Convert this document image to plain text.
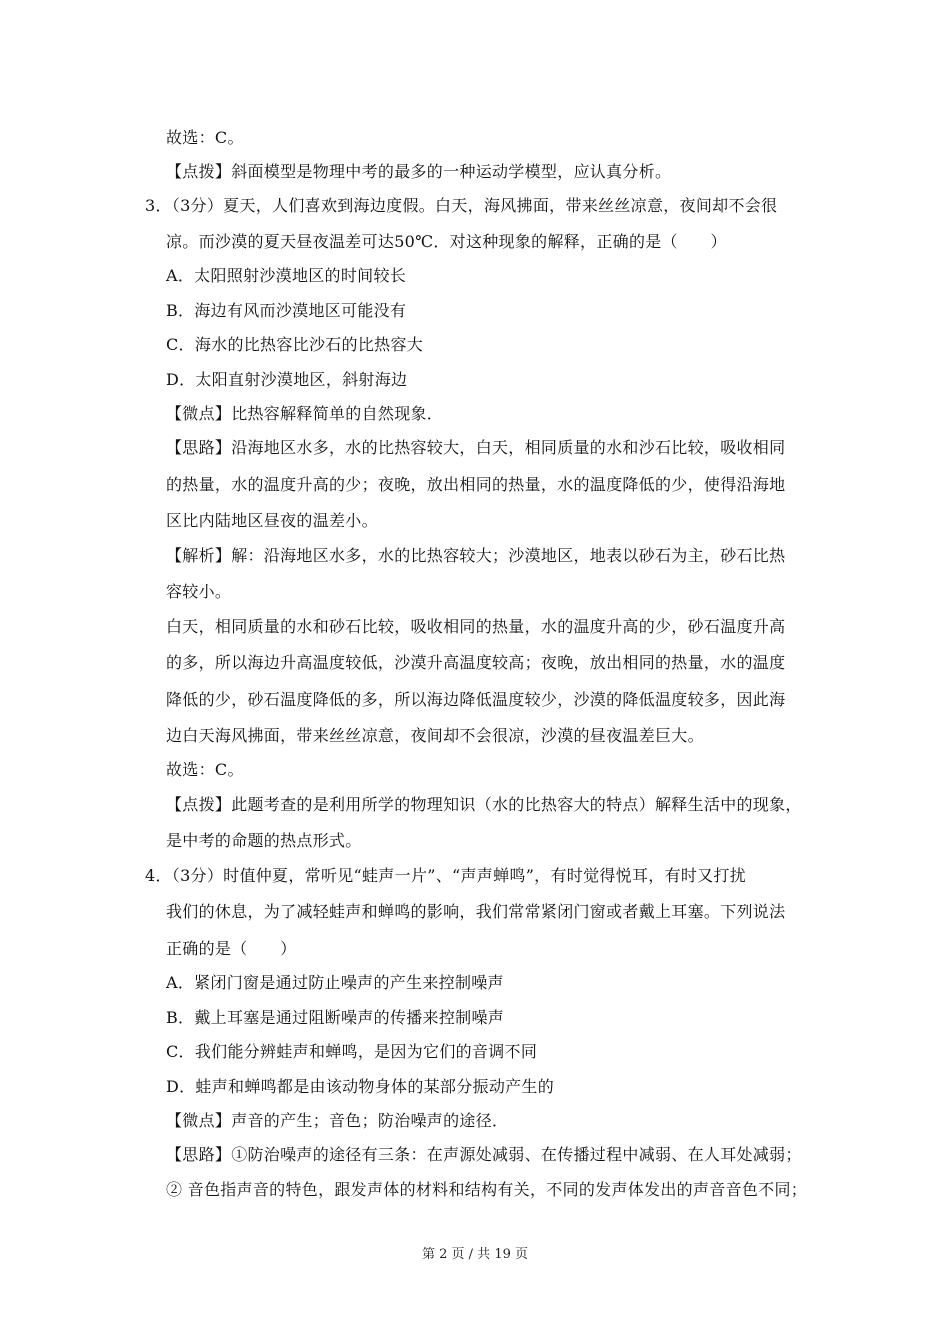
故选：C。
【点拨】斜面模型是物理中考的最多的一种运动学模型，应认真分析。
3．（3分）夏天，人们喜欢到海边度假。白天，海风拂面，带来丝丝凉意，夜间却不会很
凉。而沙漠的夏天昼夜温差可达50℃．对这种现象的解释，正确的是（　　）
A．太阳照射沙漠地区的时间较长
B．海边有风而沙漠地区可能没有
C．海水的比热容比沙石的比热容大
D．太阳直射沙漠地区，斜射海边
【微点】比热容解释简单的自然现象．
【思路】沿海地区水多，水的比热容较大，白天，相同质量的水和沙石比较，吸收相同
的热量，水的温度升高的少；夜晚，放出相同的热量，水的温度降低的少，使得沿海地
区比内陆地区昼夜的温差小。
【解析】解：沿海地区水多，水的比热容较大；沙漠地区，地表以砂石为主，砂石比热
容较小。
白天，相同质量的水和砂石比较，吸收相同的热量，水的温度升高的少，砂石温度升高
的多，所以海边升高温度较低，沙漠升高温度较高；夜晚，放出相同的热量，水的温度
降低的少，砂石温度降低的多，所以海边降低温度较少，沙漠的降低温度较多，因此海
边白天海风拂面，带来丝丝凉意，夜间却不会很凉，沙漠的昼夜温差巨大。
故选：C。
【点拨】此题考查的是利用所学的物理知识（水的比热容大的特点）解释生活中的现象，
是中考的命题的热点形式。
4．（3分）时值仲夏，常听见“蛙声一片”、“声声蝉鸣”，有时觉得悦耳，有时又打扰
我们的休息，为了减轻蛙声和蝉鸣的影响，我们常常紧闭门窗或者戴上耳塞。下列说法
正确的是（　　）
A．紧闭门窗是通过防止噪声的产生来控制噪声
B．戴上耳塞是通过阻断噪声的传播来控制噪声
C．我们能分辨蛙声和蝉鸣，是因为它们的音调不同
D．蛙声和蝉鸣都是由该动物身体的某部分振动产生的
【微点】声音的产生；音色；防治噪声的途径．
【思路】①防治噪声的途径有三条：在声源处减弱、在传播过程中减弱、在人耳处减弱；
② 音色指声音的特色，跟发声体的材料和结构有关，不同的发声体发出的声音音色不同；
第 2 页 / 共 19 页
